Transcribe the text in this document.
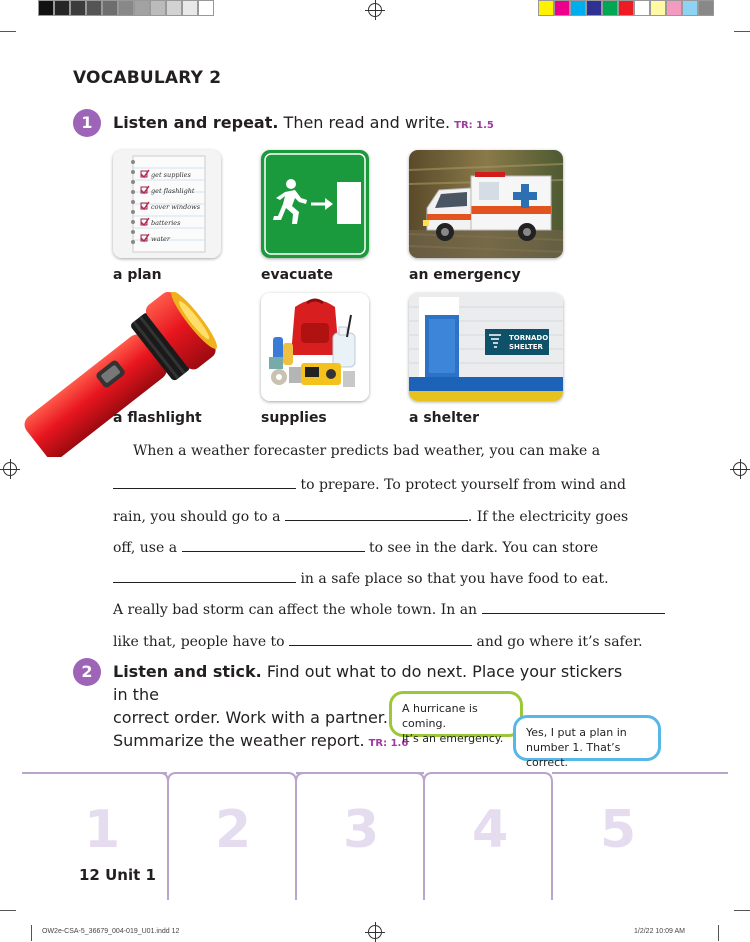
VOCABULARY 2
1	Listen and repeat. Then read and write. TR: 1.5
get supplies
get flashlight
cover windows
batteries
water
a plan	evacuate	an emergency
a flashlight	supplies
TORNADO
SHELTER
a shelter
When a weather forecaster predicts bad weather, you can make a
to prepare. To protect yourself from wind and
rain, you should go to a	. If the electricity goes
off, use a	to see in the dark. You can store
in a safe place so that you have food to eat.
A really bad storm can affect the whole town. In an
like that, people have to	and go where it’s safer.
2	Listen and stick. Find out what to do next. Place your stickers in the
correct order. Work with a partner.
Summarize the weather report. TR: 1.6
A hurricane is coming.
It’s an emergency.	Yes, I put a plan in
number 1. That’s correct.
1 2 3 4 5
12 Unit 1
OW2e-CSA-5_36679_004-019_U01.indd 12	1/2/22 10:09 AM
